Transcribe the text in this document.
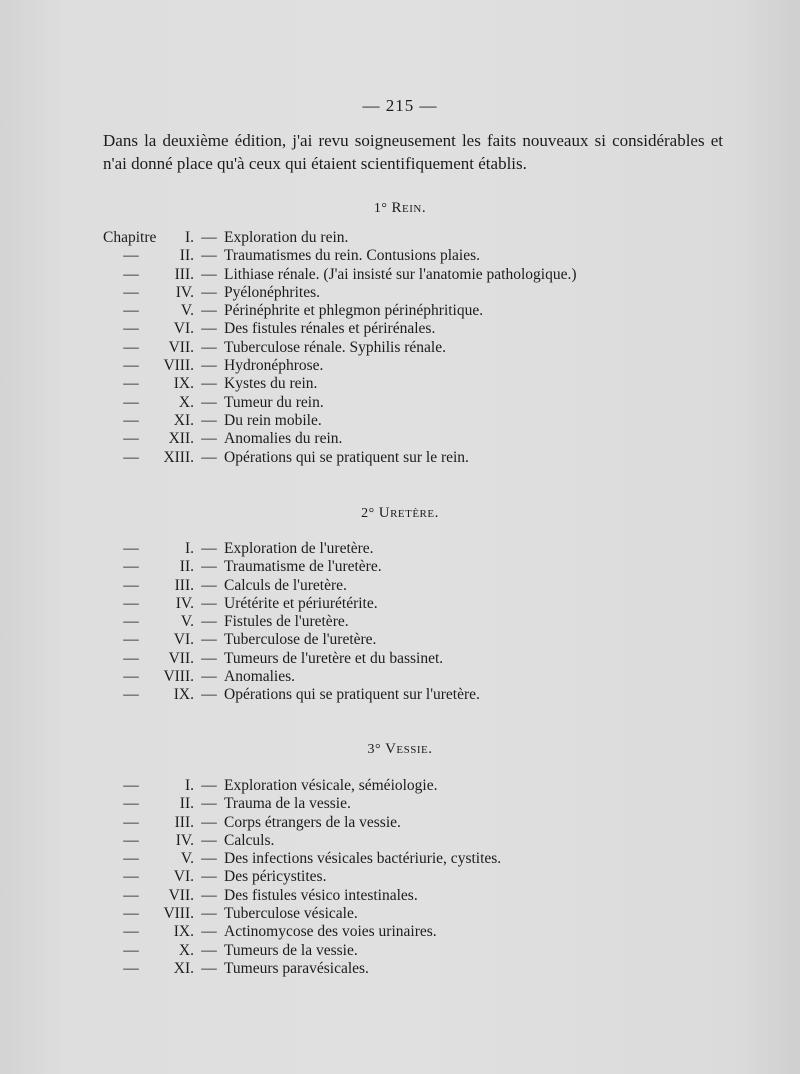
— 215 —
Dans la deuxième édition, j'ai revu soigneusement les faits nouveaux si considérables et n'ai donné place qu'à ceux qui étaient scientifiquement établis.
1° Rein.
Chapitre	I. — Exploration du rein.
—	II. — Traumatismes du rein. Contusions plaies.
—	III. — Lithiase rénale. (J'ai insisté sur l'anatomie pathologique.)
—	IV. — Pyélonéphrites.
—	V. — Périnéphrite et phlegmon périnéphritique.
—	VI. — Des fistules rénales et périrénales.
—	VII. — Tuberculose rénale. Syphilis rénale.
—	VIII. — Hydronéphrose.
—	IX. — Kystes du rein.
—	X. — Tumeur du rein.
—	XI. — Du rein mobile.
—	XII. — Anomalies du rein.
—	XIII. — Opérations qui se pratiquent sur le rein.
2° Uretère.
—	I. — Exploration de l'uretère.
—	II. — Traumatisme de l'uretère.
—	III. — Calculs de l'uretère.
—	IV. — Urétérite et périurétérite.
—	V. — Fistules de l'uretère.
—	VI. — Tuberculose de l'uretère.
—	VII. — Tumeurs de l'uretère et du bassinet.
—	VIII. — Anomalies.
—	IX. — Opérations qui se pratiquent sur l'uretère.
3° Vessie.
—	I. — Exploration vésicale, séméiologie.
—	II. — Trauma de la vessie.
—	III. — Corps étrangers de la vessie.
—	IV. — Calculs.
—	V. — Des infections vésicales bactériurie, cystites.
—	VI. — Des péricystites.
—	VII. — Des fistules vésico intestinales.
—	VIII. — Tuberculose vésicale.
—	IX. — Actinomycose des voies urinaires.
—	X. — Tumeurs de la vessie.
—	XI. — Tumeurs paravésicales.
